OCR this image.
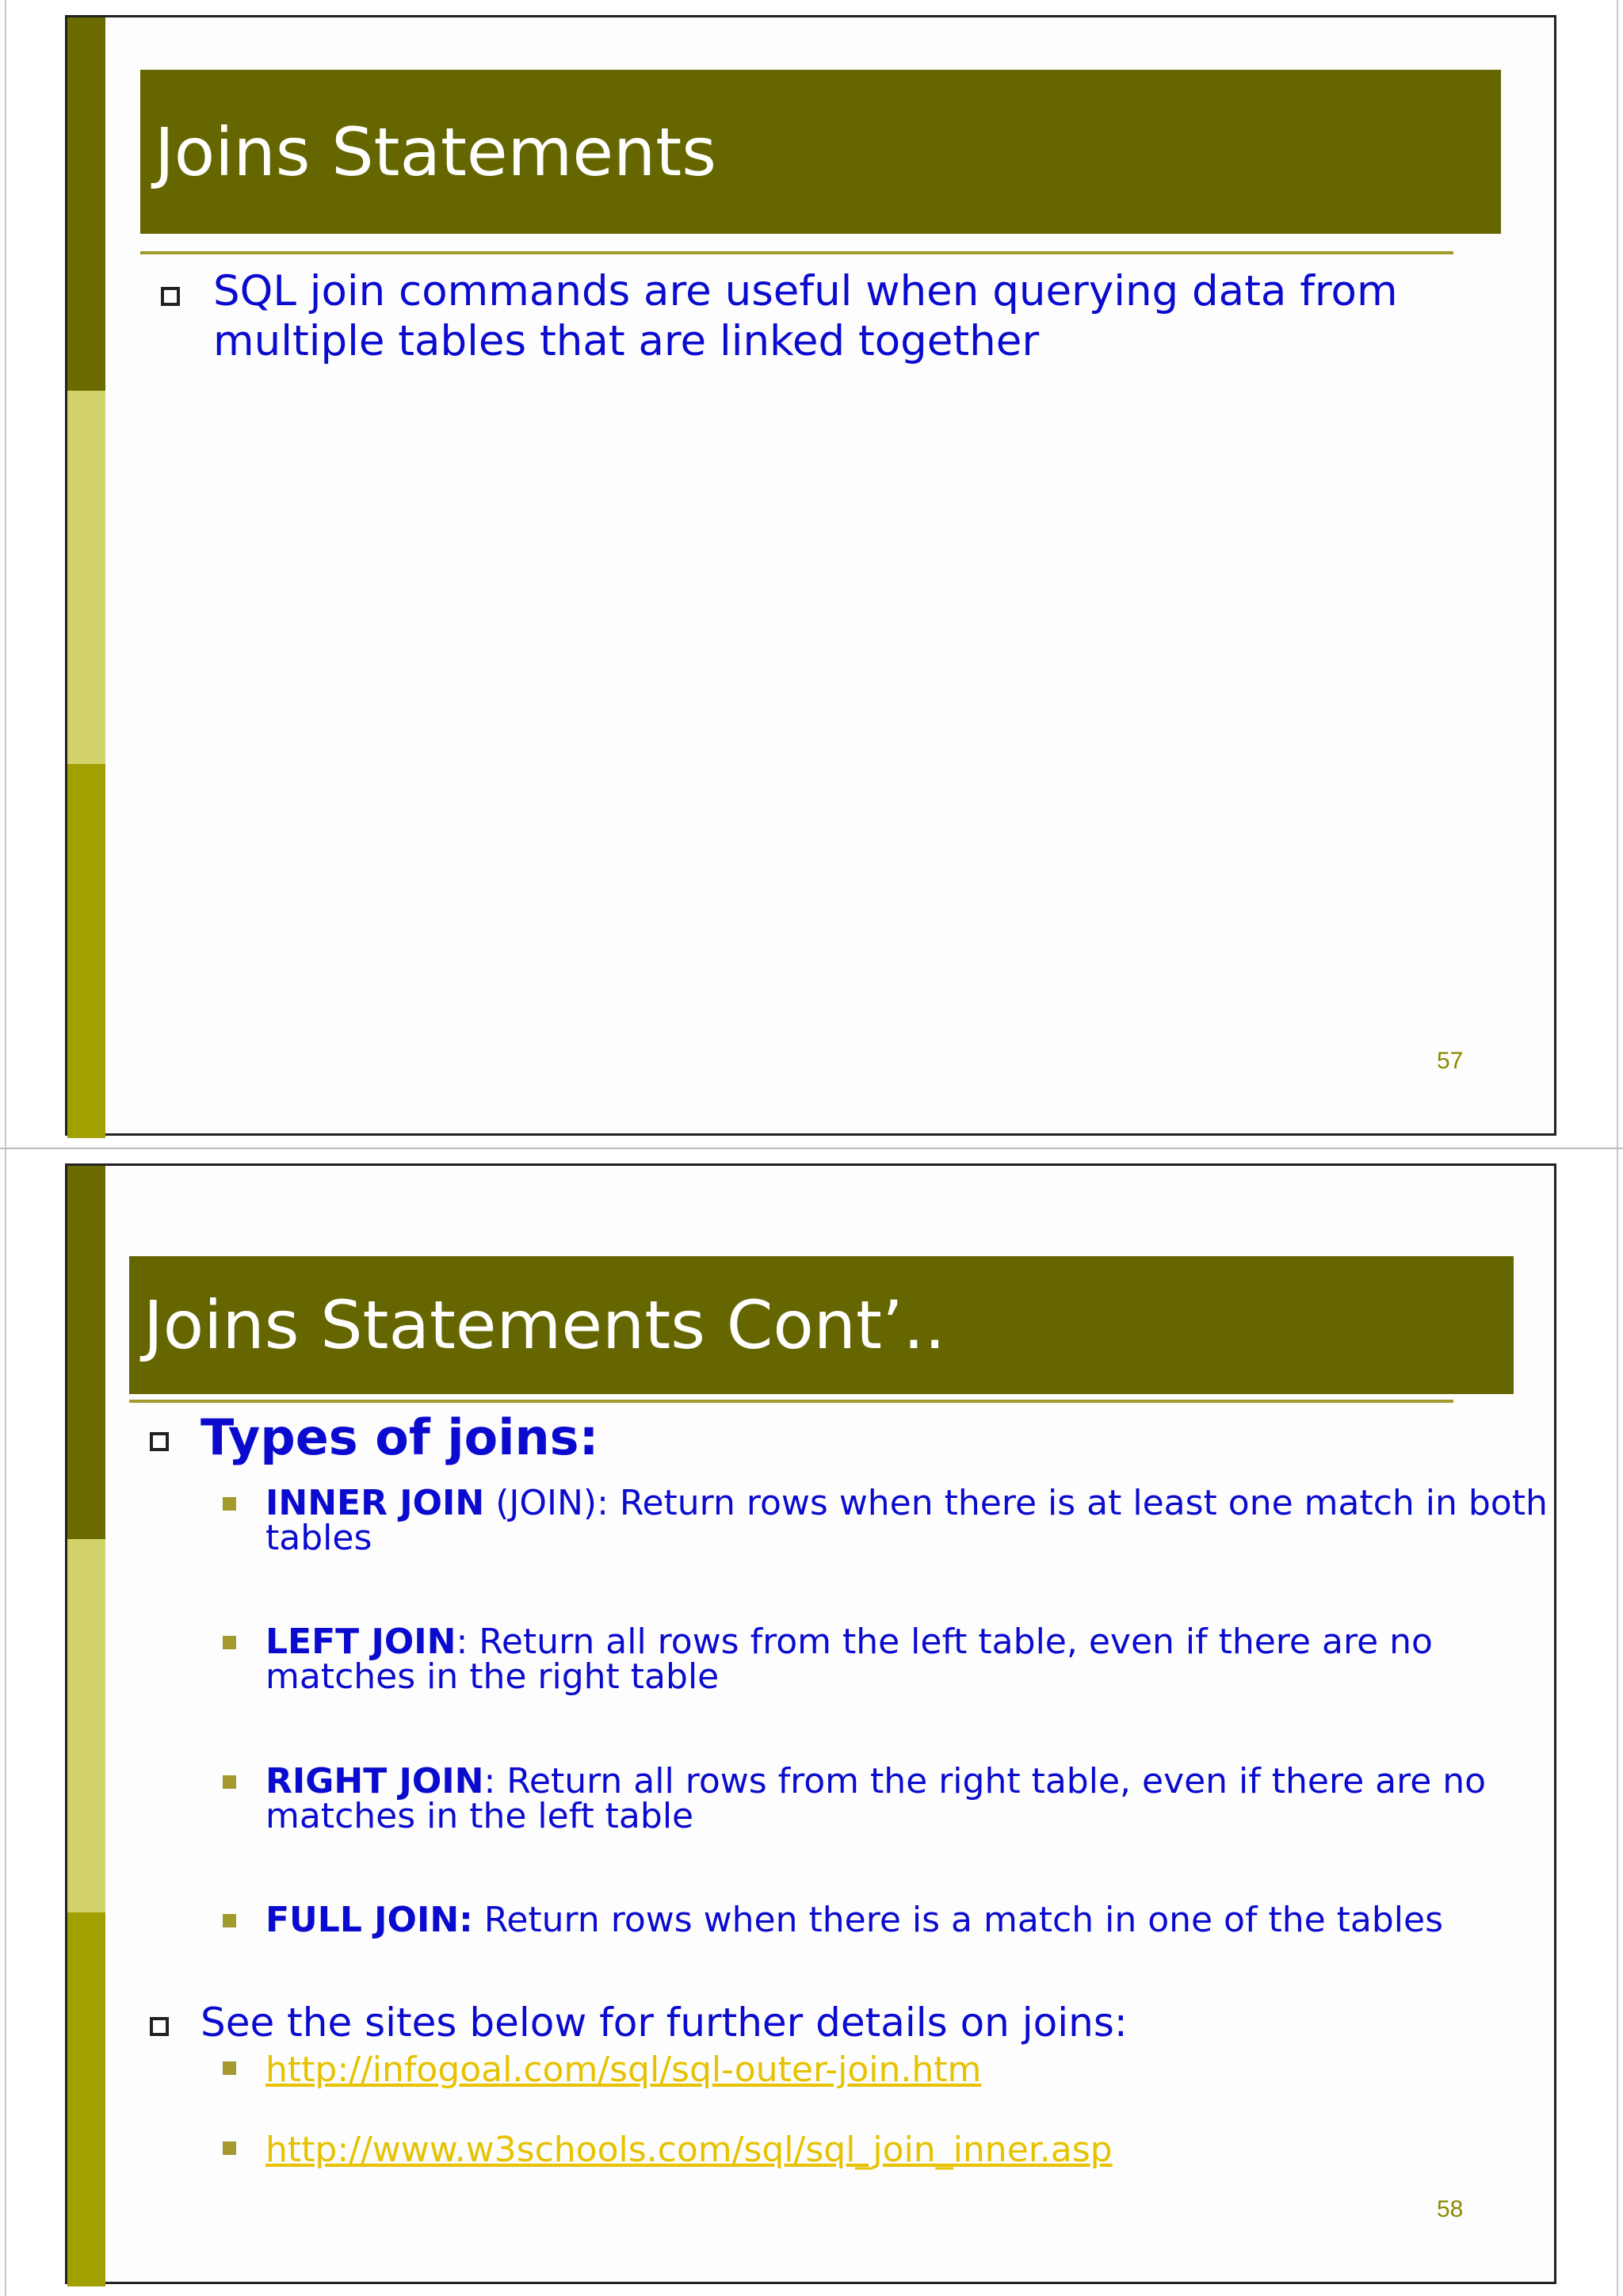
Joins Statements

SQL join commands are useful when querying data from multiple tables that are linked together

57
Joins Statements Cont’..

Types of joins:

INNER JOIN (JOIN): Return rows when there is at least one match in both tables
LEFT JOIN: Return all rows from the left table, even if there are no matches in the right table
RIGHT JOIN: Return all rows from the right table, even if there are no matches in the left table
FULL JOIN: Return rows when there is a match in one of the tables

See the sites below for further details on joins:

http://infogoal.com/sql/sql-outer-join.htm
http://www.w3schools.com/sql/sql_join_inner.asp
58
